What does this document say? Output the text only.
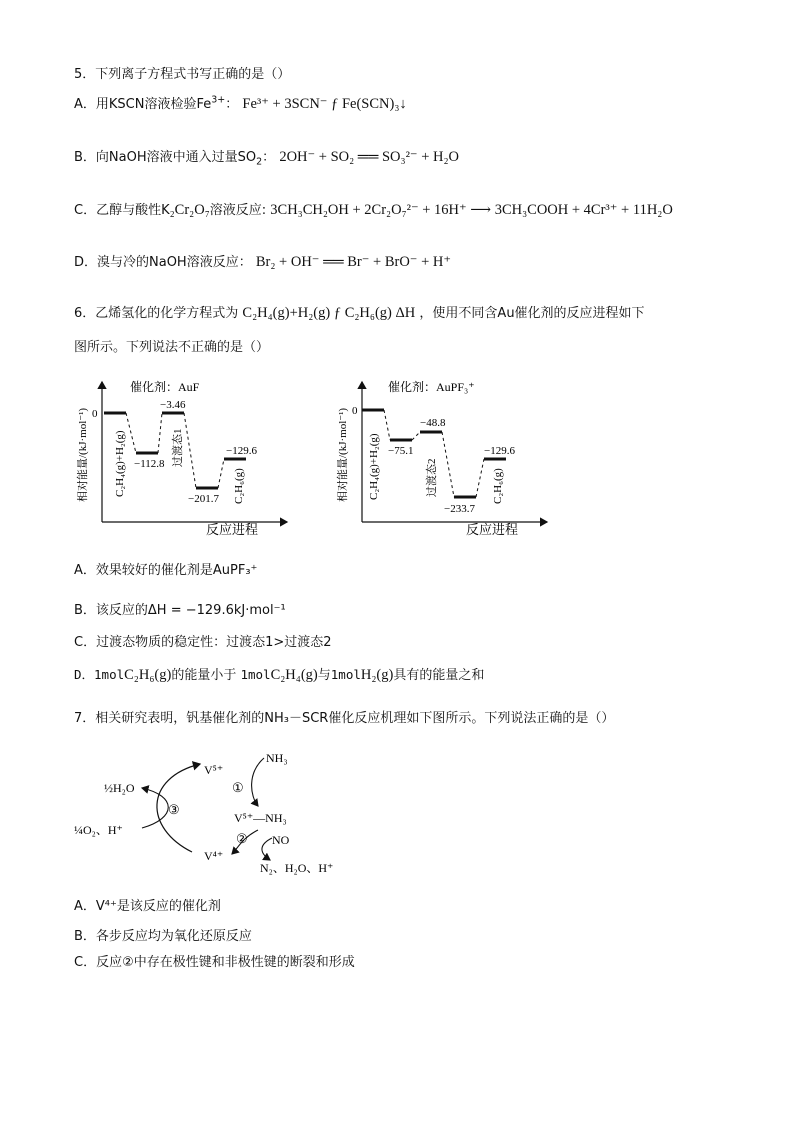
5．下列离子方程式书写正确的是（）
A．用KSCN溶液检验$Fe^{3+}$： Fe³⁺ + 3SCN⁻ ƒ Fe(SCN)₃↓
B．向NaOH溶液中通入过量$SO_2$： 2OH⁻ + SO₂ ══ SO₃²⁻ + H₂O
C．乙醇与酸性K₂Cr₂O₇溶液反应: 3CH₃CH₂OH + 2Cr₂O₇²⁻ + 16H⁺ ⟶ 3CH₃COOH + 4Cr³⁺ + 11H₂O
D．溴与冷的NaOH溶液反应： Br₂ + OH⁻ ══ Br⁻ + BrO⁻ + H⁺
6．乙烯氢化的化学方程式为 C₂H₄(g)+H₂(g) ƒ C₂H₆(g) ΔH ，使用不同含Au催化剂的反应进程如下
图所示。下列说法不正确的是（）
相对能量/(kJ·mol⁻¹)
催化剂：AuF
0
反应进程
−112.8
−3.46
−201.7
−129.6
C₂H₄(g)+H₂(g)	过渡态1
C₂H₆(g)	相对能量/(kJ·mol⁻¹)
催化剂：AuPF₃⁺
0
反应进程
−75.1
−48.8
−233.7
−129.6
C₂H₄(g)+H₂(g)	过渡态2	C₂H₆(g)
A．效果较好的催化剂是AuPF₃⁺
B．该反应的ΔH = −129.6kJ·mol⁻¹
C．过渡态物质的稳定性：过渡态1>过渡态2
D．1molC₂H₆(g)的能量小于 1molC₂H₄(g)与1molH₂(g)具有的能量之和
7．相关研究表明，钒基催化剂的NH₃－SCR催化反应机理如下图所示。下列说法正确的是（）
V⁵⁺
NH₃
①
V⁵⁺—NH₃
② NO
V⁴⁺
N₂、H₂O、H⁺
③
½H₂O
¼O₂、H⁺
A．V⁴⁺是该反应的催化剂
B．各步反应均为氧化还原反应
C．反应②中存在极性键和非极性键的断裂和形成
